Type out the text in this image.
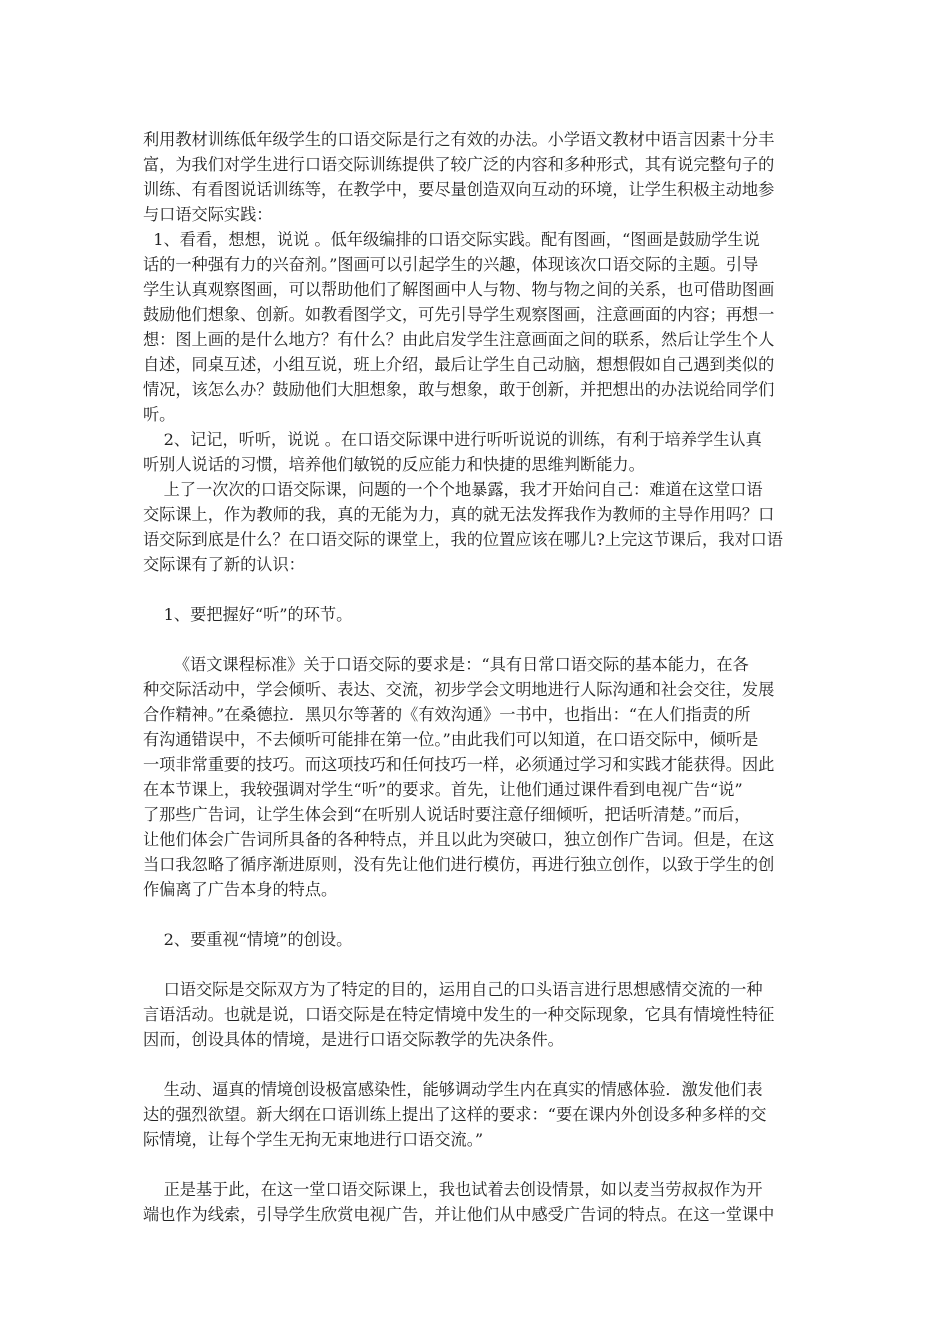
利用教材训练低年级学生的口语交际是行之有效的办法。小学语文教材中语言因素十分丰
富，为我们对学生进行口语交际训练提供了较广泛的内容和多种形式，其有说完整句子的
训练、有看图说话训练等，在教学中，要尽量创造双向互动的环境，让学生积极主动地参
与口语交际实践：
1、看看，想想，说说 。低年级编排的口语交际实践。配有图画，“图画是鼓励学生说
话的一种强有力的兴奋剂。”图画可以引起学生的兴趣，体现该次口语交际的主题。引导
学生认真观察图画，可以帮助他们了解图画中人与物、物与物之间的关系，也可借助图画
鼓励他们想象、创新。如教看图学文，可先引导学生观察图画，注意画面的内容；再想一
想：图上画的是什么地方？有什么？由此启发学生注意画面之间的联系，然后让学生个人
自述，同桌互述，小组互说，班上介绍，最后让学生自己动脑，想想假如自己遇到类似的
情况，该怎么办？鼓励他们大胆想象，敢与想象，敢于创新，并把想出的办法说给同学们
听。
2、记记，听听，说说 。在口语交际课中进行听听说说的训练，有利于培养学生认真
听别人说话的习惯，培养他们敏锐的反应能力和快捷的思维判断能力。
上了一次次的口语交际课，问题的一个个地暴露，我才开始问自己：难道在这堂口语
交际课上，作为教师的我，真的无能为力，真的就无法发挥我作为教师的主导作用吗？口
语交际到底是什么？在口语交际的课堂上，我的位置应该在哪儿?上完这节课后，我对口语
交际课有了新的认识：
1、要把握好“听”的环节。
《语文课程标准》关于口语交际的要求是：“具有日常口语交际的基本能力，在各
种交际活动中，学会倾听、表达、交流，初步学会文明地进行人际沟通和社会交往，发展
合作精神。”在桑德拉．黑贝尔等著的《有效沟通》一书中，也指出：“在人们指责的所
有沟通错误中，不去倾听可能排在第一位。”由此我们可以知道，在口语交际中，倾听是
一项非常重要的技巧。而这项技巧和任何技巧一样，必须通过学习和实践才能获得。因此
在本节课上，我较强调对学生“听”的要求。首先，让他们通过课件看到电视广告“说”
了那些广告词，让学生体会到“在听别人说话时要注意仔细倾听，把话听清楚。”而后，
让他们体会广告词所具备的各种特点，并且以此为突破口，独立创作广告词。但是，在这
当口我忽略了循序渐进原则，没有先让他们进行模仿，再进行独立创作，以致于学生的创
作偏离了广告本身的特点。
2、要重视“情境”的创设。
口语交际是交际双方为了特定的目的，运用自己的口头语言进行思想感情交流的一种
言语活动。也就是说，口语交际是在特定情境中发生的一种交际现象，它具有情境性特征
因而，创设具体的情境，是进行口语交际教学的先决条件。
生动、逼真的情境创设极富感染性，能够调动学生内在真实的情感体验．激发他们表
达的强烈欲望。新大纲在口语训练上提出了这样的要求：“要在课内外创设多种多样的交
际情境，让每个学生无拘无束地进行口语交流。”
正是基于此，在这一堂口语交际课上，我也试着去创设情景，如以麦当劳叔叔作为开
端也作为线索，引导学生欣赏电视广告，并让他们从中感受广告词的特点。在这一堂课中
